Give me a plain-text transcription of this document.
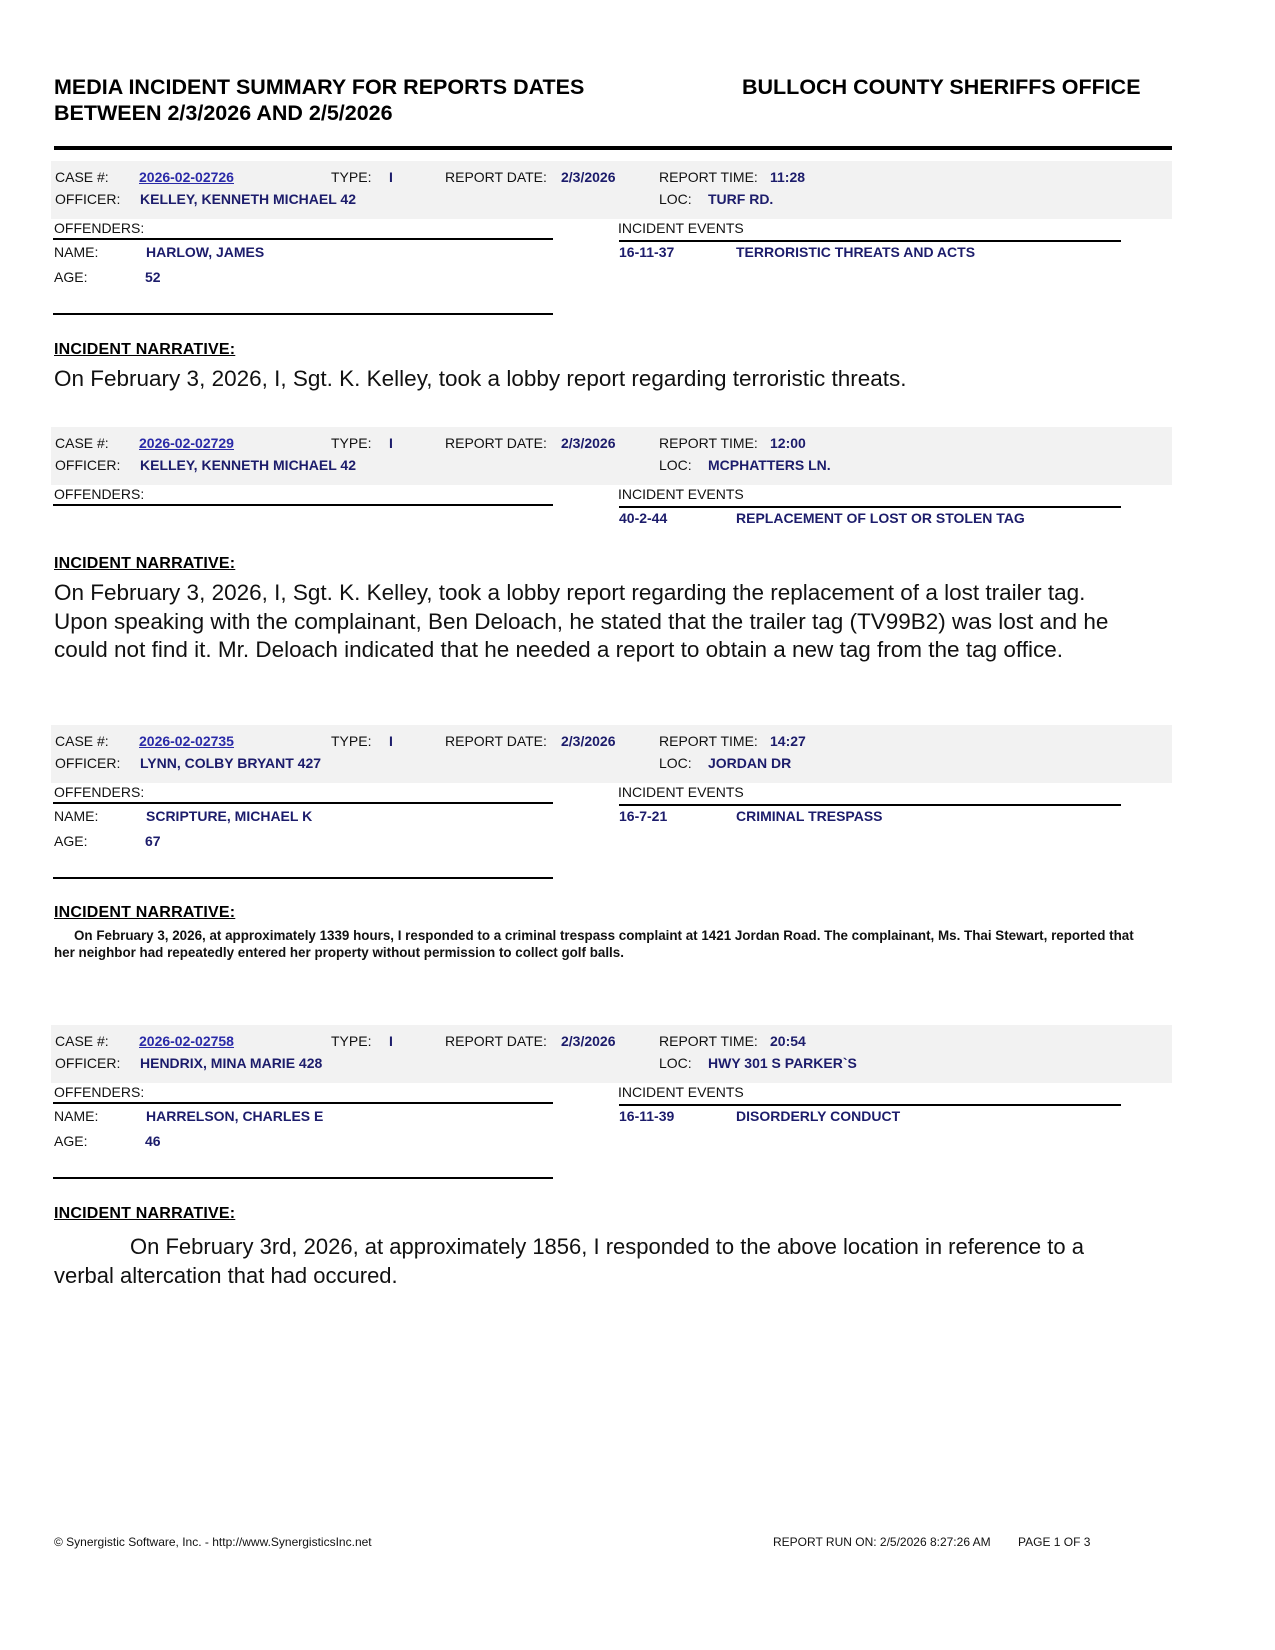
MEDIA INCIDENT SUMMARY FOR REPORTS DATES
BETWEEN 2/3/2026 AND 2/5/2026
BULLOCH COUNTY SHERIFFS OFFICE
CASE #: 2026-02-02726	TYPE: I	REPORT DATE: 2/3/2026	REPORT TIME: 11:28
OFFICER: KELLEY, KENNETH MICHAEL 42	LOC: TURF RD.
OFFENDERS:	INCIDENT EVENTS
NAME:	HARLOW, JAMES
AGE:	52
16-11-37	TERRORISTIC THREATS AND ACTS
INCIDENT NARRATIVE:
On February 3, 2026, I, Sgt. K. Kelley, took a lobby report regarding terroristic threats.
CASE #: 2026-02-02729	TYPE: I	REPORT DATE: 2/3/2026	REPORT TIME: 12:00
OFFICER: KELLEY, KENNETH MICHAEL 42	LOC: MCPHATTERS LN.
OFFENDERS:	INCIDENT EVENTS
40-2-44	REPLACEMENT OF LOST OR STOLEN TAG
INCIDENT NARRATIVE:
On February 3, 2026, I, Sgt. K. Kelley, took a lobby report regarding the replacement of a lost trailer tag. Upon speaking with the complainant, Ben Deloach, he stated that the trailer tag (TV99B2) was lost and he could not find it. Mr. Deloach indicated that he needed a report to obtain a new tag from the tag office.
CASE #: 2026-02-02735	TYPE: I	REPORT DATE: 2/3/2026	REPORT TIME: 14:27
OFFICER: LYNN, COLBY BRYANT 427	LOC: JORDAN DR
OFFENDERS:	INCIDENT EVENTS
NAME:	SCRIPTURE, MICHAEL K
AGE:	67
16-7-21	CRIMINAL TRESPASS
INCIDENT NARRATIVE:
On February 3, 2026, at approximately 1339 hours, I responded to a criminal trespass complaint at 1421 Jordan Road. The complainant, Ms. Thai Stewart, reported that her neighbor had repeatedly entered her property without permission to collect golf balls.
CASE #: 2026-02-02758	TYPE: I	REPORT DATE: 2/3/2026	REPORT TIME: 20:54
OFFICER: HENDRIX, MINA MARIE 428	LOC: HWY 301 S PARKER`S
OFFENDERS:	INCIDENT EVENTS
NAME:	HARRELSON, CHARLES E
AGE:	46
16-11-39	DISORDERLY CONDUCT
INCIDENT NARRATIVE:
On February 3rd, 2026, at approximately 1856, I responded to the above location in reference to a verbal altercation that had occured.
© Synergistic Software, Inc. - http://www.SynergisticsInc.net	REPORT RUN ON: 2/5/2026 8:27:26 AM PAGE 1 OF 3
